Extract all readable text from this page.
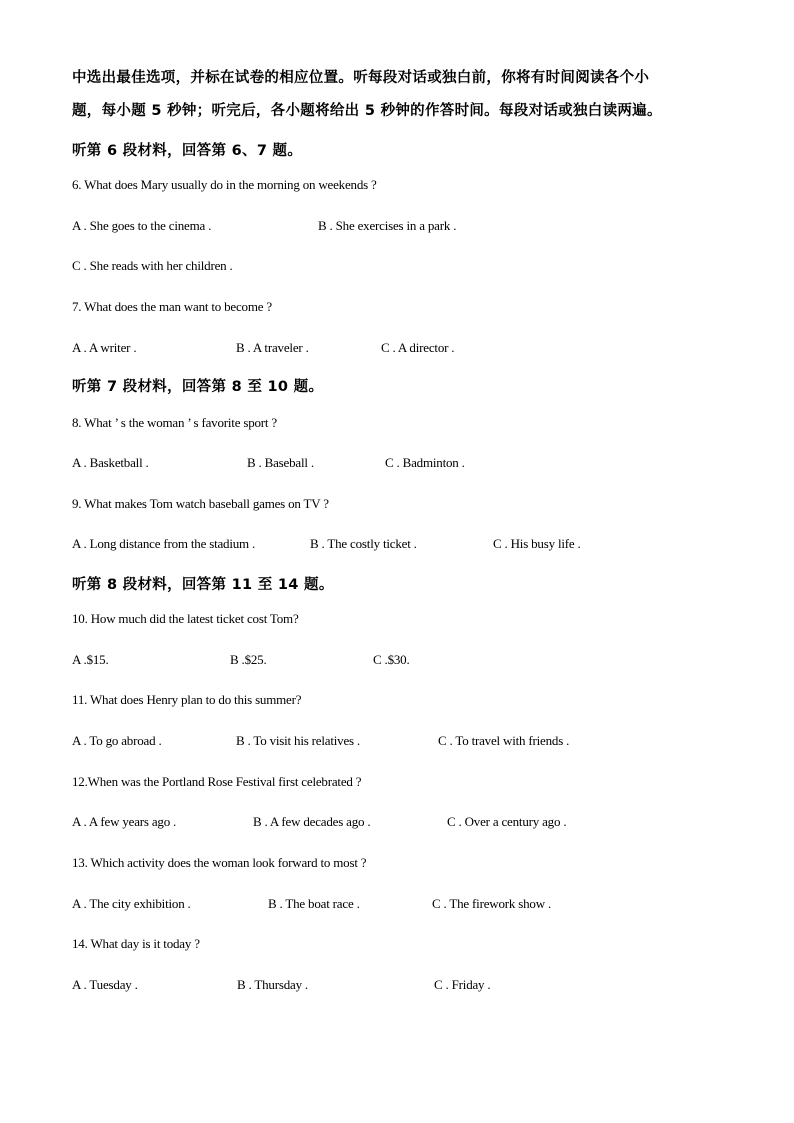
中选出最佳选项，并标在试卷的相应位置。听每段对话或独白前，你将有时间阅读各个小
题，每小题 5 秒钟；听完后，各小题将给出 5 秒钟的作答时间。每段对话或独白读两遍。
听第 6 段材料，回答第 6、7 题。
6. What does Mary usually do in the morning on weekends ?
A . She goes to the cinema .	B . She exercises in a park .
C . She reads with her children .
7. What does the man want to become ?
A . A writer .	B . A traveler .	C . A director .
听第 7 段材料，回答第 8 至 10 题。
8. What ’ s the woman ’ s favorite sport ?
A . Basketball .	B . Baseball .	C . Badminton .
9. What makes Tom watch baseball games on TV ?
A . Long distance from the stadium .	B . The costly ticket .	C . His busy life .
听第 8 段材料，回答第 11 至 14 题。
10. How much did the latest ticket cost Tom?
A .$15.	B .$25.	C .$30.
11. What does Henry plan to do this summer?
A . To go abroad .	B . To visit his relatives .	C . To travel with friends .
12.When was the Portland Rose Festival first celebrated ?
A . A few years ago .	B . A few decades ago .	C . Over a century ago .
13. Which activity does the woman look forward to most ?
A . The city exhibition .	B . The boat race .	C . The firework show .
14. What day is it today ?
A . Tuesday .	B . Thursday .	C . Friday .
